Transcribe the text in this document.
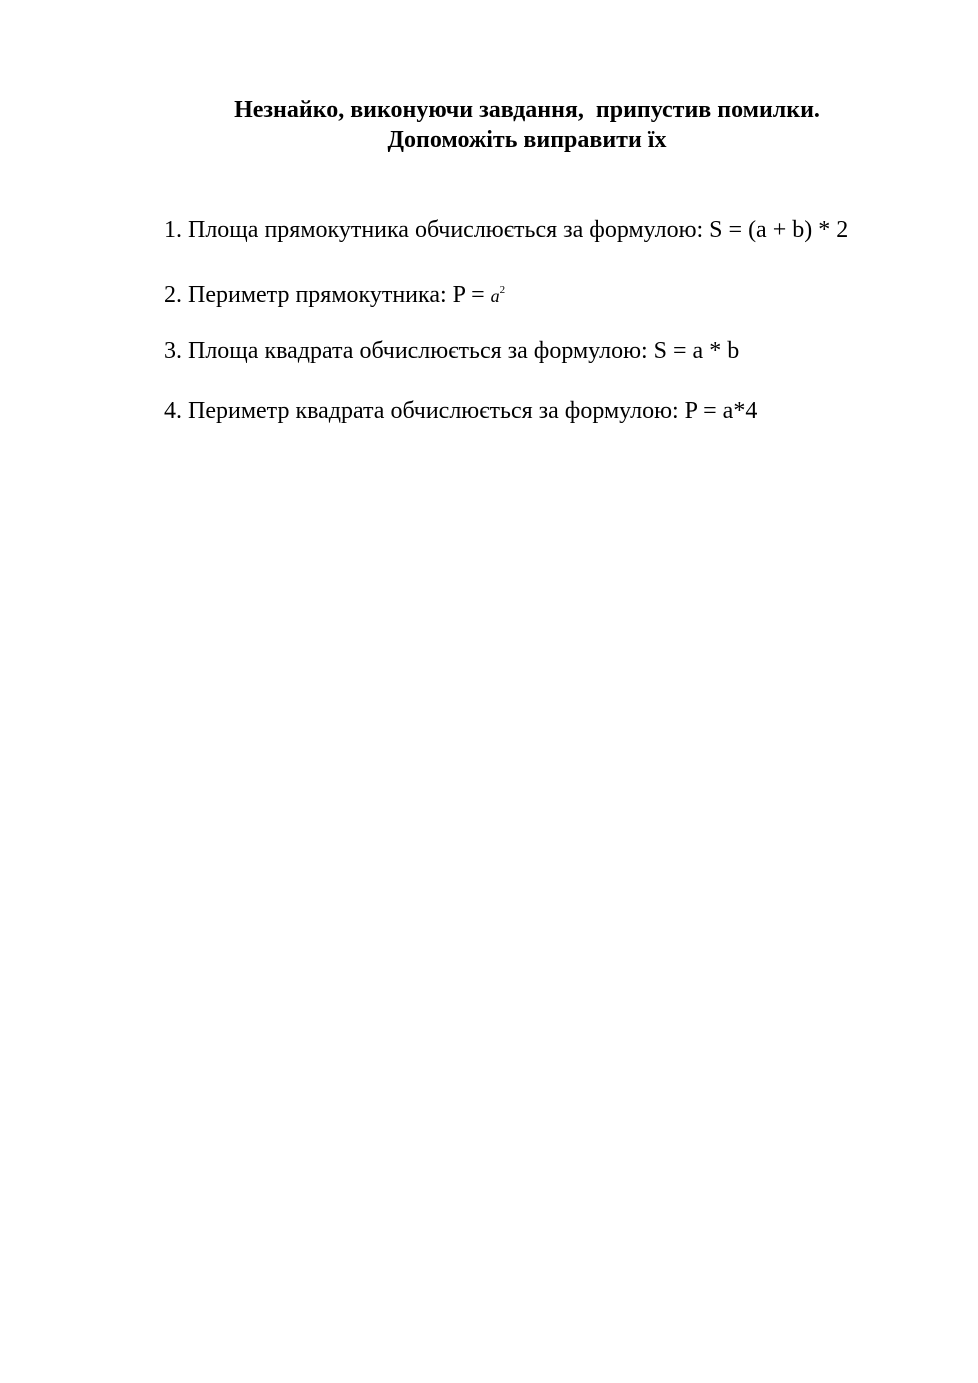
Незнайко, виконуючи завдання,  припустив помилки.
Допоможіть виправити їх

1. Площа прямокутника обчислюється за формулою: S = (a + b) * 2

2. Периметр прямокутника: $P = a^2$

3. Площа квадрата обчислюється за формулою: S = a * b

4. Периметр квадрата обчислюється за формулою: P = a*4
